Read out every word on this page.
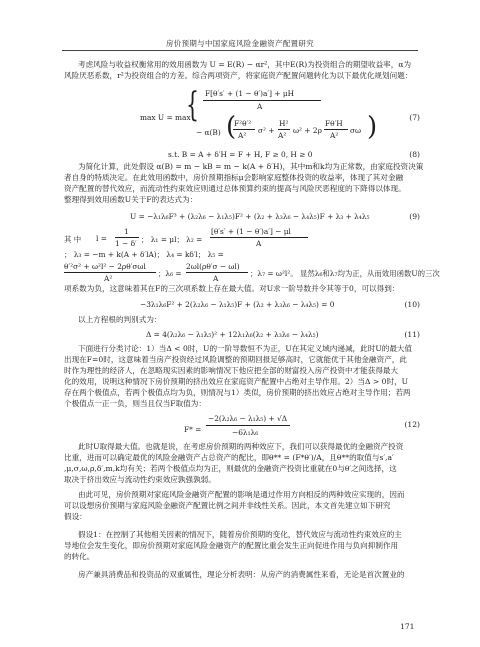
房价预期与中国家庭风险金融资产配置研究
考虑风险与收益权衡常用的效用函数为 U = E(R) − αr²，其中E(R)为投资组合的期望收益率，α为
风险厌恶系数，r²为投资组合的方差。综合两项资产，将家庭资产配置问题转化为以下最优化规划问题：
max U = max
{ F[θ′s′ + (1 − θ′)a′] + μH
A
− α(B) (
F²θ′²
A²
σ² +
H²
A²
ω² + 2ρ
Fθ′H
A²
σω )	(7)
s.t. B = A + δ′H = F + H, F ≥ 0, H ≥ 0	(8)
为简化计算，此处假设 α(B) = m − kB = m − k(A + δ′H)，其中m和k均为正常数，由家庭投资决策
者自身的特质决定。在此效用函数中，房价预期指标μ会影响家庭整体投资的收益率，体现了其对金融
资产配置的替代效应，而流动性约束效应则通过总体预算约束的提高与风险厌恶程度的下降得以体现。
整理得到效用函数U关于F的表达式为：
U = −λ₁λ₆F³ + (λ₂λ₆ − λ₁λ₅)F² + (λ₂ + λ₃λ₆ − λ₄λ₅)F + λ₃ + λ₄λ₅	(9)
其 中 l =
1
1 − δ′ ； λ₁ = μl； λ₂ =
[θ′s′ + (1 − θ′)a′] − μl
A
； λ₃ = −m + k(A + δ′lA)； λ₄ = kδ′l； λ₅ =
θ′²σ² + ω²l² − 2ρθ′σωl
A²
；λ₆ =
2ωl(ρθ′σ − ωl)
A
；λ₇ = ω²l²。 显然λ₆和λ₇均为正，从而效用函数U的三次
项系数为负，这意味着其在F的三次项系数上存在最大值。对U求一阶导数并令其等于0，可以得到：
−3λ₁λ₆F² + 2(λ₂λ₆ − λ₁λ₅)F + (λ₂ + λ₃λ₆ − λ₄λ₅) = 0	(10)
以上方程根的判别式为：
Δ = 4(λ₂λ₆ − λ₁λ₅)² + 12λ₁λ₆(λ₂ + λ₃λ₆ − λ₄λ₅)	(11)
下面进行分类讨论：1）当Δ < 0时，U的一阶导数恒不为正，U在其定义域内递减，此时U的最大值
出现在F=0时，这意味着当房产投资经过风险调整的预期回报足够高时，它就能优于其他金融资产，此
时作为理性的经济人，在忽略现实因素的影响情况下他应把全部的财富投入房产投资中才能获得最大
化的效用，说明这种情况下房价预期的挤出效应在家庭资产配置中占绝对主导作用。2）当Δ > 0时，U
存在两个极值点，若两个极值点均为负，则情况与1）类似，房价预期的挤出效应占绝对主导作用；若两
个极值点一正一负，则当且仅当F取值为：
F* =
−2(λ₂λ₆ − λ₁λ₅) + √Δ
−6λ₁λ₆
(12)
此时U取得最大值。也就是说，在考虑房价预期的两种效应下，我们可以获得最优的金融资产投资
比重，进而可以确定最优的风险金融资产占总资产的配比，即θ** = (F*θ′)/A，且θ**的取值与s′,a′
,μ,σ,ω,ρ,δ′,m,k均有关；若两个极值点均为正，则最优的金融资产投资比重就在0与θ′之间选择，这
取决于挤出效应与流动性约束效应孰强孰弱。
由此可见，房价预期对家庭风险金融资产配置的影响是通过作用方向相反的两种效应实现的，因而
可以设想房价预期与家庭风险金融资产配置比例之间并非线性关系。因此，本文首先建立如下研究
假设：
假设1：在控制了其他相关因素的情况下，随着房价预期的变化，替代效应与流动性约束效应的主
导地位会发生变化，即房价预期对家庭风险金融资产的配置比重会发生正向促进作用与负向抑制作用
的转化。
房产兼具消费品和投资品的双重属性，理论分析表明：从房产的消费属性来看，无论是首次置业的
171
